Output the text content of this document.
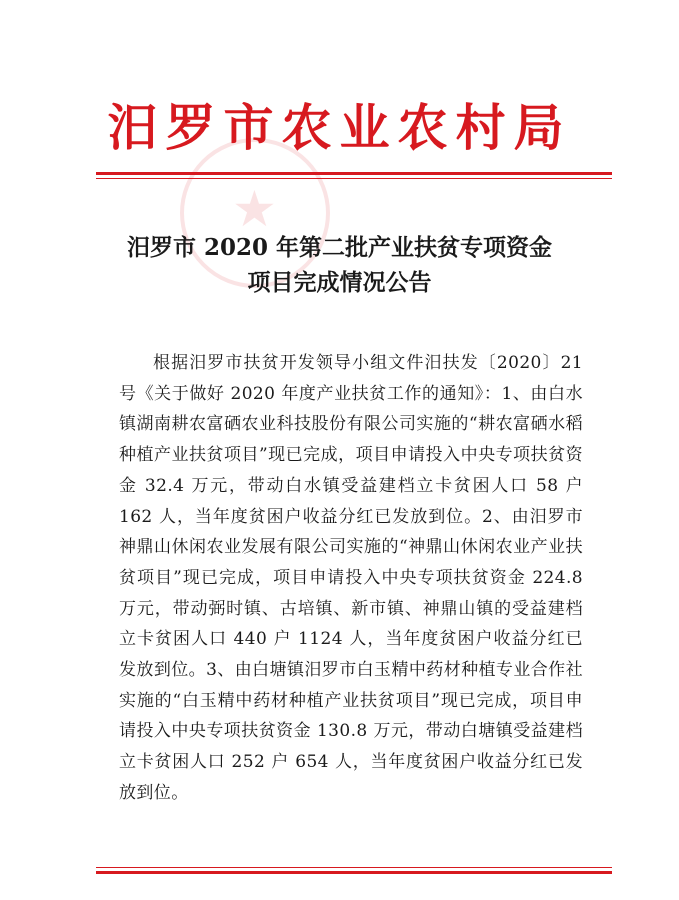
★
汨罗市农业农村局
汨罗市 2020 年第二批产业扶贫专项资金
项目完成情况公告
根据汨罗市扶贫开发领导小组文件汨扶发〔2020〕21 号《关于做好 2020 年度产业扶贫工作的通知》：1、由白水镇湖南耕农富硒农业科技股份有限公司实施的“耕农富硒水稻种植产业扶贫项目”现已完成，项目申请投入中央专项扶贫资金 32.4 万元，带动白水镇受益建档立卡贫困人口 58 户 162 人，当年度贫困户收益分红已发放到位。2、由汨罗市神鼎山休闲农业发展有限公司实施的“神鼎山休闲农业产业扶贫项目”现已完成，项目申请投入中央专项扶贫资金 224.8 万元，带动弼时镇、古培镇、新市镇、神鼎山镇的受益建档立卡贫困人口 440 户 1124 人，当年度贫困户收益分红已发放到位。3、由白塘镇汨罗市白玉精中药材种植专业合作社实施的“白玉精中药材种植产业扶贫项目”现已完成，项目申请投入中央专项扶贫资金 130.8 万元，带动白塘镇受益建档立卡贫困人口 252 户 654 人，当年度贫困户收益分红已发放到位。
